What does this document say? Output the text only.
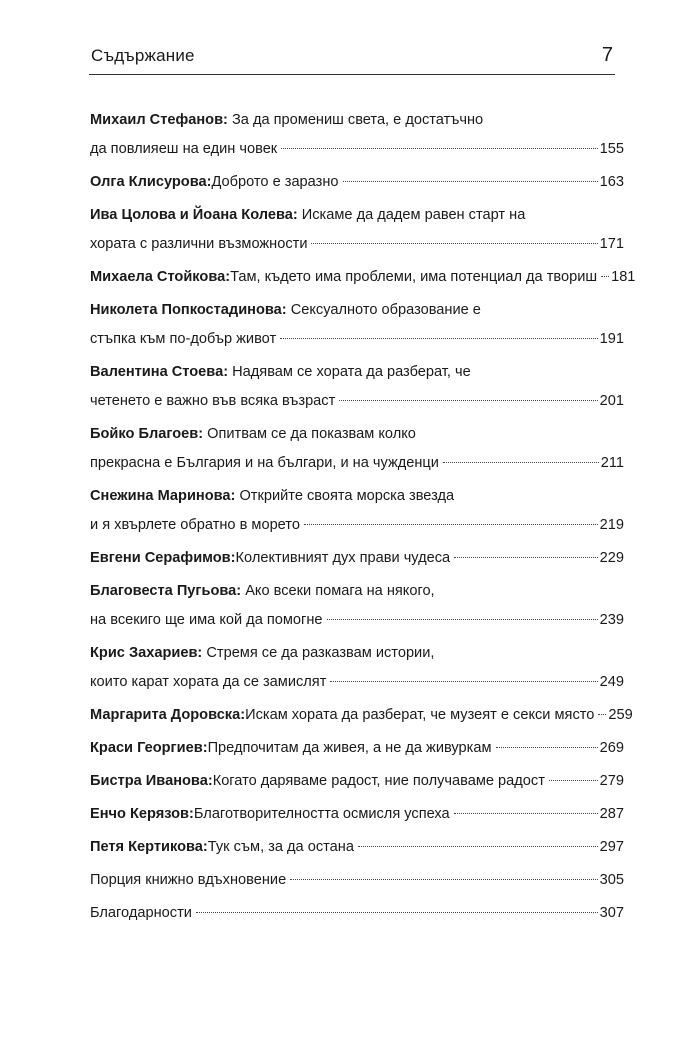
Съдържание	7
Михаил Стефанов: За да промениш света, е достатъчно
да повлияеш на един човек	155
Олга Клисурова: Доброто е заразно	163
Ива Цолова и Йоана Колева: Искаме да дадем равен старт на
хората с различни възможности	171
Михаела Стойкова: Там, където има проблеми, има потенциал да твориш 181
Николета Попкостадинова: Сексуалното образование е
стъпка към по-добър живот	191
Валентина Стоева: Надявам се хората да разберат, че
четенето е важно във всяка възраст	201
Бойко Благоев: Опитвам се да показвам колко
прекрасна е България и на българи, и на чужденци	211
Снежина Маринова: Открийте своята морска звезда
и я хвърлете обратно в морето	219
Евгени Серафимов: Колективният дух прави чудеса	229
Благовеста Пугьова: Ако всеки помага на някого,
на всекиго ще има кой да помогне	239
Крис Захариев: Стремя се да разказвам истории,
които карат хората да се замислят	249
Маргарита Доровска: Искам хората да разберат, че музеят е секси място 259
Краси Георгиев: Предпочитам да живея, а не да живуркам	269
Бистра Иванова: Когато даряваме радост, ние получаваме радост	279
Енчо Керязов: Благотворителността осмисля успеха	287
Петя Кертикова: Тук съм, за да остана	297
Порция книжно вдъхновение	305
Благодарности	307
